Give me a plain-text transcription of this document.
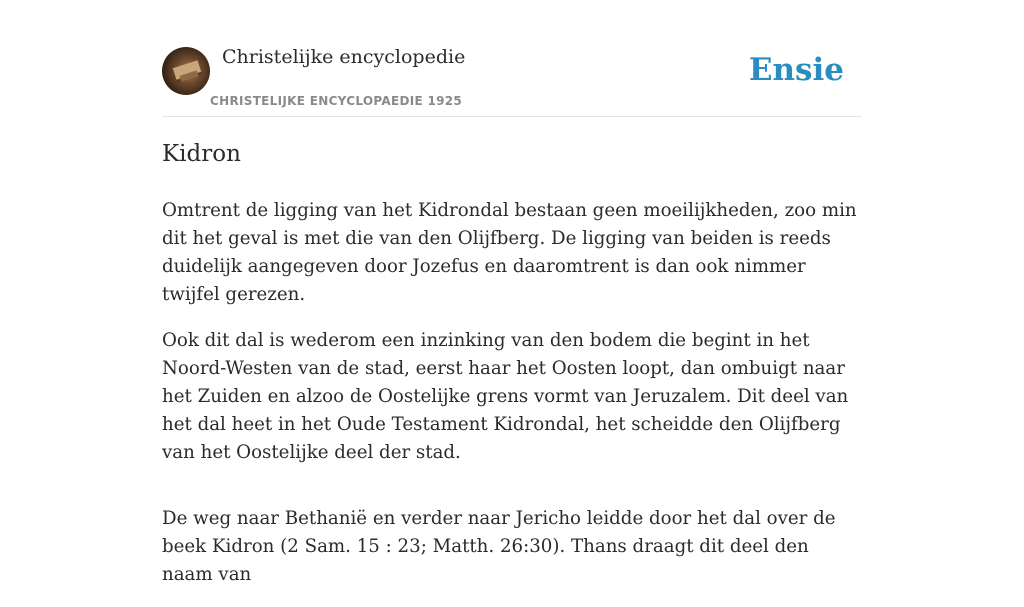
Christelijke encyclopedie
CHRISTELIJKE ENCYCLOPAEDIE 1925
Ensie
Kidron

Omtrent de ligging van het Kidrondal bestaan geen moeilijkheden, zoo min dit het geval is met die van den Olijfberg. De ligging van beiden is reeds duidelijk aangegeven door Jozefus en daaromtrent is dan ook nimmer twijfel gerezen.

Ook dit dal is wederom een inzinking van den bodem die begint in het Noord-Westen van de stad, eerst haar het Oosten loopt, dan ombuigt naar het Zuiden en alzoo de Oostelijke grens vormt van Jeruzalem. Dit deel van het dal heet in het Oude Testament Kidrondal, het scheidde den Olijfberg van het Oostelijke deel der stad.

De weg naar Bethanië en verder naar Jericho leidde door het dal over de beek Kidron (2 Sam. 15 : 23; Matth. 26:30). Thans draagt dit deel den naam van
